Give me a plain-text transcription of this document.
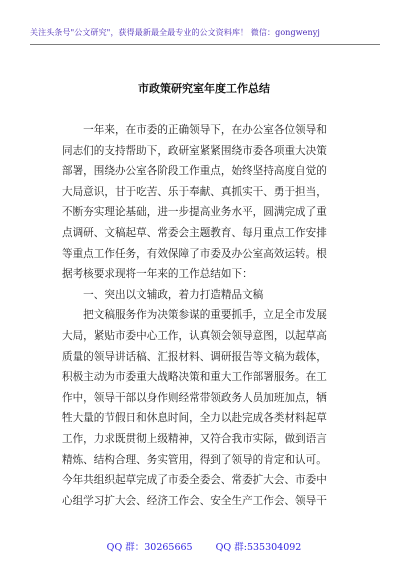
关注头条号"公文研究"，获得最新最全最专业的公文资料库！ 微信：gongwenyj
市政策研究室年度工作总结
　　一年来，在市委的正确领导下，在办公室各位领导和
同志们的支持帮助下，政研室紧紧围绕市委各项重大决策
部署，围绕办公室各阶段工作重点，始终坚持高度自觉的
大局意识，甘于吃苦、乐于奉献、真抓实干、勇于担当，
不断夯实理论基础，进一步提高业务水平，圆满完成了重
点调研、文稿起草、常委会主题教育、每月重点工作安排
等重点工作任务，有效保障了市委及办公室高效运转。根
据考核要求现将一年来的工作总结如下：
　　一、突出以文辅政，着力打造精品文稿
　　把文稿服务作为决策参谋的重要抓手，立足全市发展
大局，紧贴市委中心工作，认真领会领导意图，以起草高
质量的领导讲话稿、汇报材料、调研报告等文稿为载体，
积极主动为市委重大战略决策和重大工作部署服务。在工
作中，领导干部以身作则经常带领政务人员加班加点，牺
牲大量的节假日和休息时间，全力以赴完成各类材料起草
工作，力求既贯彻上级精神，又符合我市实际，做到语言
精炼、结构合理、务实管用，得到了领导的肯定和认可。
今年共组织起草完成了市委全委会、常委扩大会、市委中
心组学习扩大会、经济工作会、安全生产工作会、领导干
QQ 群：30265665 QQ 群:535304092
